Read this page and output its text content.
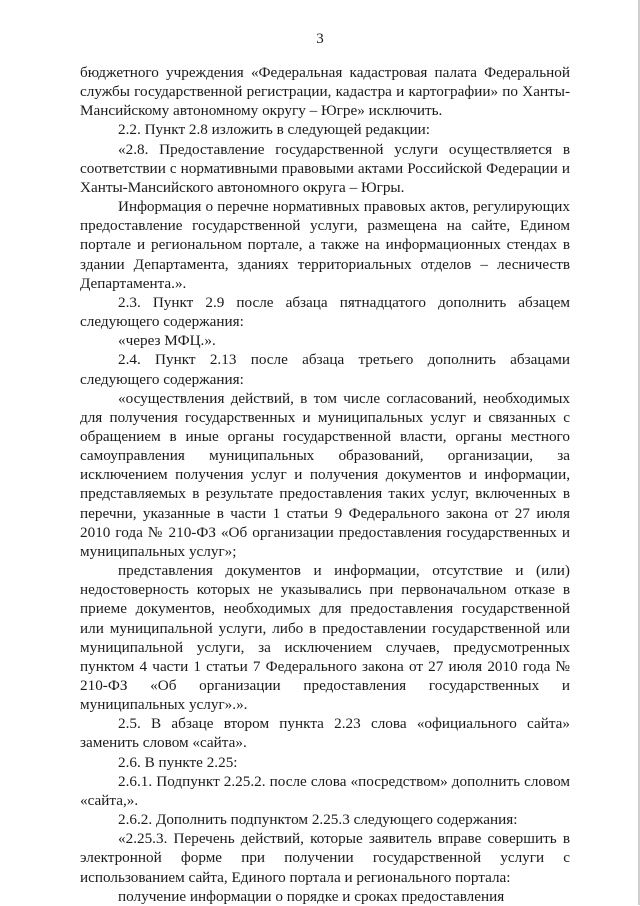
3

бюджетного учреждения «Федеральная кадастровая палата Федеральной службы государственной регистрации, кадастра и картографии» по Ханты-Мансийскому автономному округу – Югре» исключить.

2.2. Пункт 2.8 изложить в следующей редакции:

«2.8. Предоставление государственной услуги осуществляется в соответствии с нормативными правовыми актами Российской Федерации и Ханты-Мансийского автономного округа – Югры.

Информация о перечне нормативных правовых актов, регулирующих предоставление государственной услуги, размещена на сайте, Едином портале и региональном портале, а также на информационных стендах в здании Департамента, зданиях территориальных отделов – лесничеств Департамента.».

2.3. Пункт 2.9 после абзаца пятнадцатого дополнить абзацем следующего содержания:

«через МФЦ.».

2.4. Пункт 2.13 после абзаца третьего дополнить абзацами следующего содержания:

«осуществления действий, в том числе согласований, необходимых для получения государственных и муниципальных услуг и связанных с обращением в иные органы государственной власти, органы местного самоуправления муниципальных образований, организации, за исключением получения услуг и получения документов и информации, представляемых в результате предоставления таких услуг, включенных в перечни, указанные в части 1 статьи 9 Федерального закона от 27 июля 2010 года № 210-ФЗ «Об организации предоставления государственных и муниципальных услуг»;

представления документов и информации, отсутствие и (или) недостоверность которых не указывались при первоначальном отказе в приеме документов, необходимых для предоставления государственной или муниципальной услуги, либо в предоставлении государственной или муниципальной услуги, за исключением случаев, предусмотренных пунктом 4 части 1 статьи 7 Федерального закона от 27 июля 2010 года № 210-ФЗ «Об организации предоставления государственных и муниципальных услуг».».

2.5. В абзаце втором пункта 2.23 слова «официального сайта» заменить словом «сайта».

2.6. В пункте 2.25:

2.6.1. Подпункт 2.25.2. после слова «посредством» дополнить словом «сайта,».

2.6.2. Дополнить подпунктом 2.25.3 следующего содержания:

«2.25.3. Перечень действий, которые заявитель вправе совершить в электронной форме при получении государственной услуги с использованием сайта, Единого портала и регионального портала:

получение информации о порядке и сроках предоставления
